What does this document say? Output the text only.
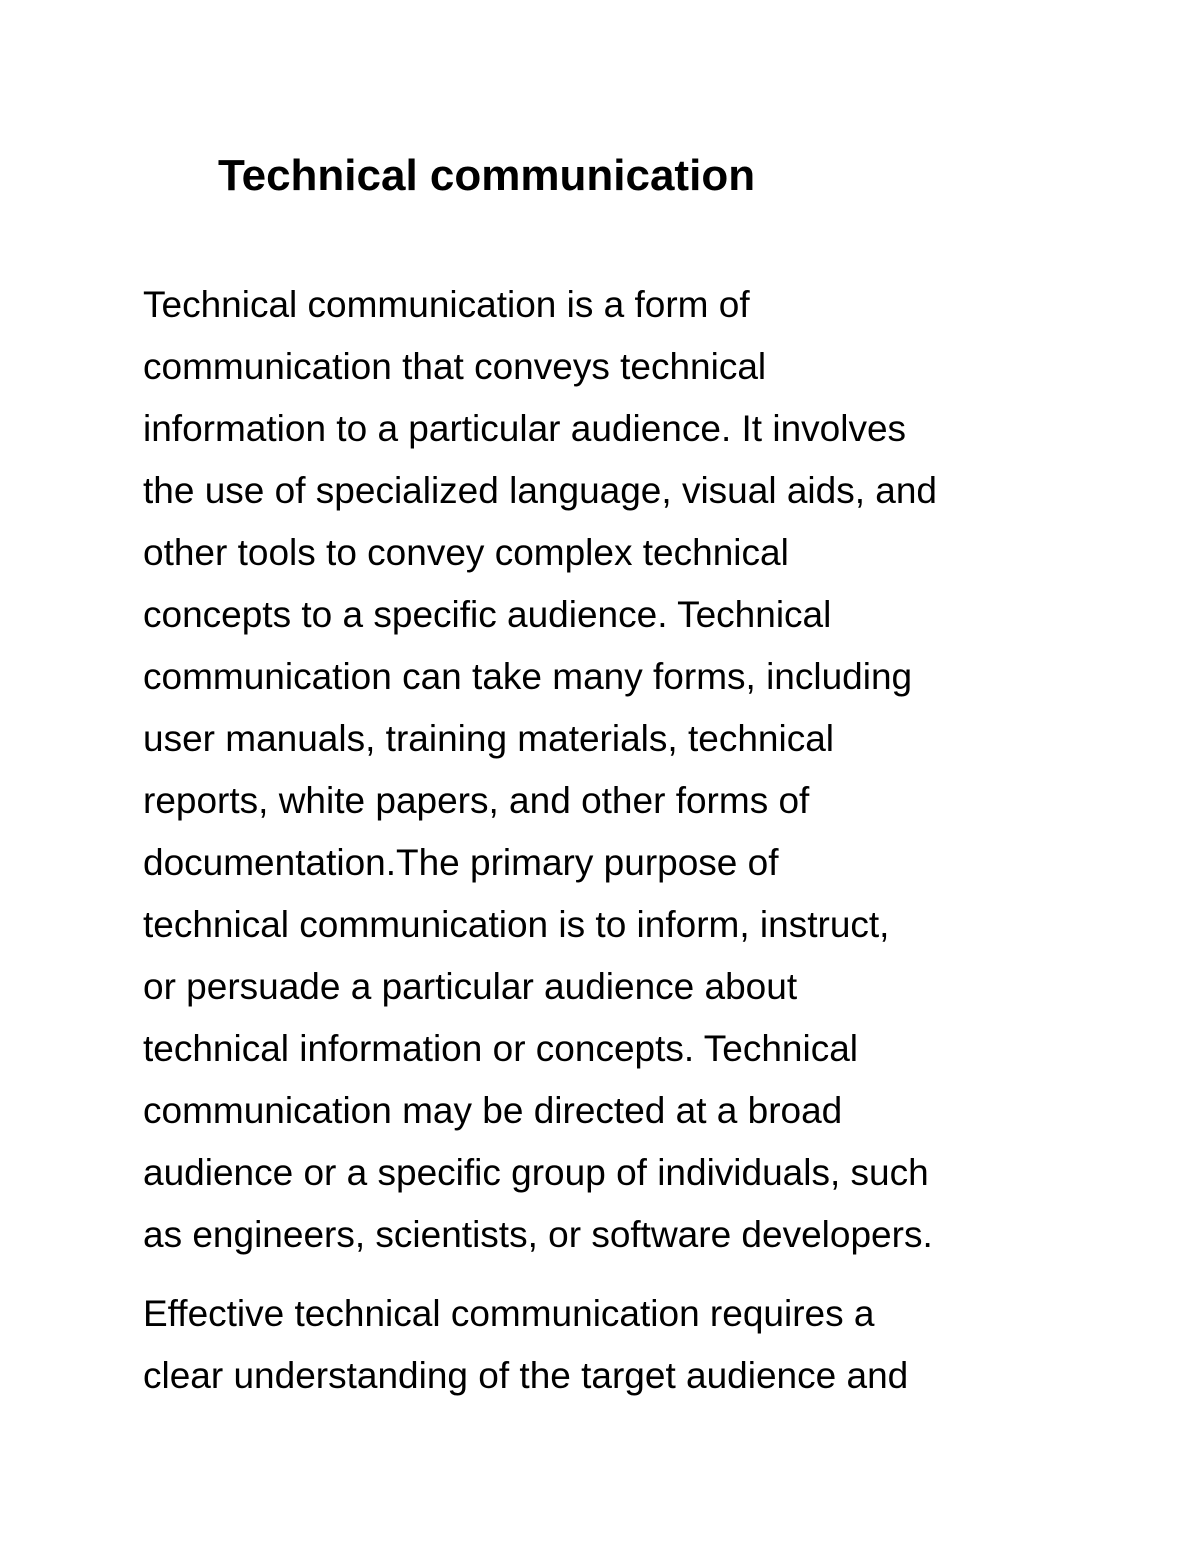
Technical communication

Technical communication is a form of
communication that conveys technical
information to a particular audience. It involves
the use of specialized language, visual aids, and
other tools to convey complex technical
concepts to a specific audience. Technical
communication can take many forms, including
user manuals, training materials, technical
reports, white papers, and other forms of
documentation.The primary purpose of
technical communication is to inform, instruct,
or persuade a particular audience about
technical information or concepts. Technical
communication may be directed at a broad
audience or a specific group of individuals, such
as engineers, scientists, or software developers.

Effective technical communication requires a
clear understanding of the target audience and
